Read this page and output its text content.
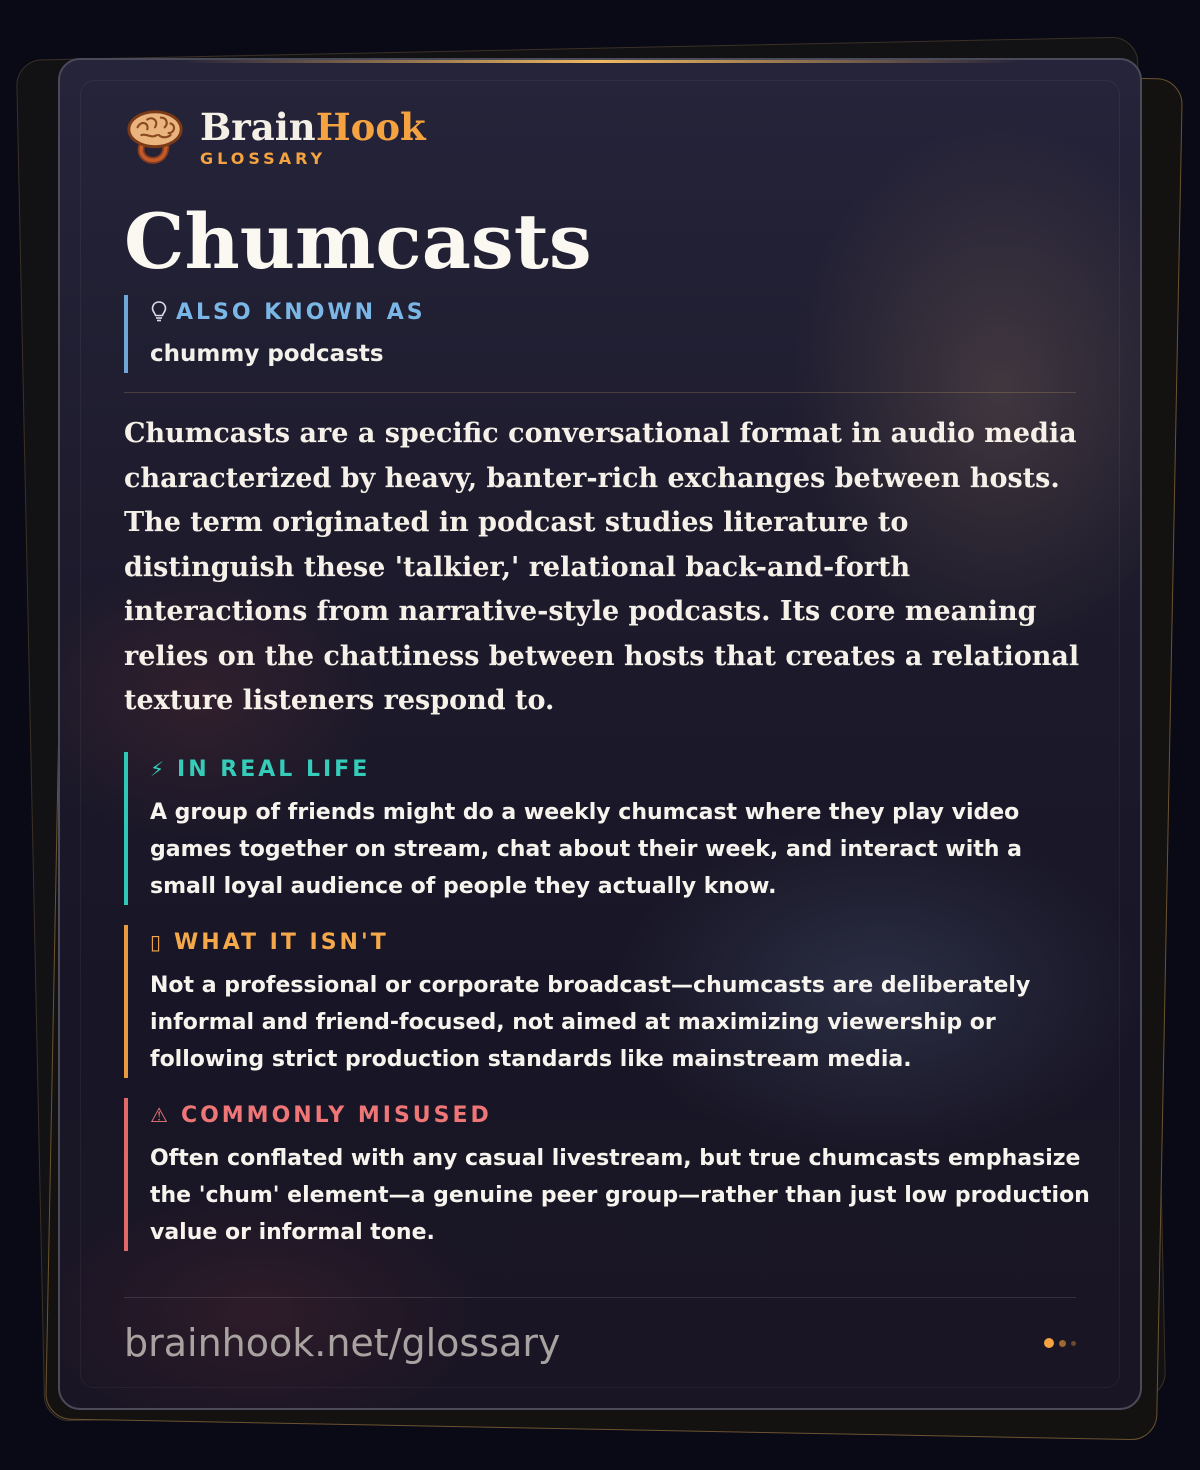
BrainHook
GLOSSARY
Chumcasts
ALSO KNOWN AS
chummy podcasts
Chumcasts are a specific conversational format in audio media characterized by heavy, banter-rich exchanges between hosts. The term originated in podcast studies literature to distinguish these 'talkier,' relational back-and-forth interactions from narrative-style podcasts. Its core meaning relies on the chattiness between hosts that creates a relational texture listeners respond to.
⚡ IN REAL LIFE
A group of friends might do a weekly chumcast where they play video games together on stream, chat about their week, and interact with a small loyal audience of people they actually know.
▯ WHAT IT ISN'T
Not a professional or corporate broadcast—chumcasts are deliberately informal and friend-focused, not aimed at maximizing viewership or following strict production standards like mainstream media.
⚠ COMMONLY MISUSED
Often conflated with any casual livestream, but true chumcasts emphasize the 'chum' element—a genuine peer group—rather than just low production value or informal tone.
brainhook.net/glossary
